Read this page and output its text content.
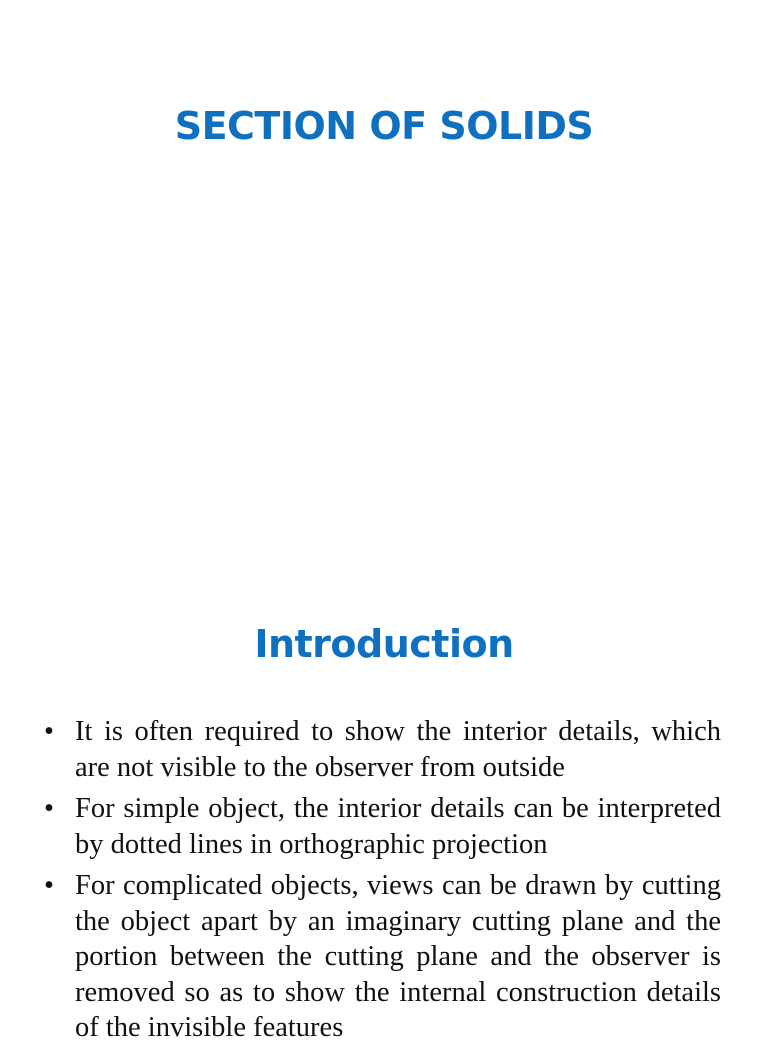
SECTION OF SOLIDS
Introduction
• It is often required to show the interior details, which are not visible to the observer from outside
• For simple object, the interior details can be interpreted by dotted lines in orthographic projection
• For complicated objects, views can be drawn by cutting the object apart by an imaginary cutting plane and the portion between the cutting plane and the observer is removed so as to show the internal construction details of the invisible features
